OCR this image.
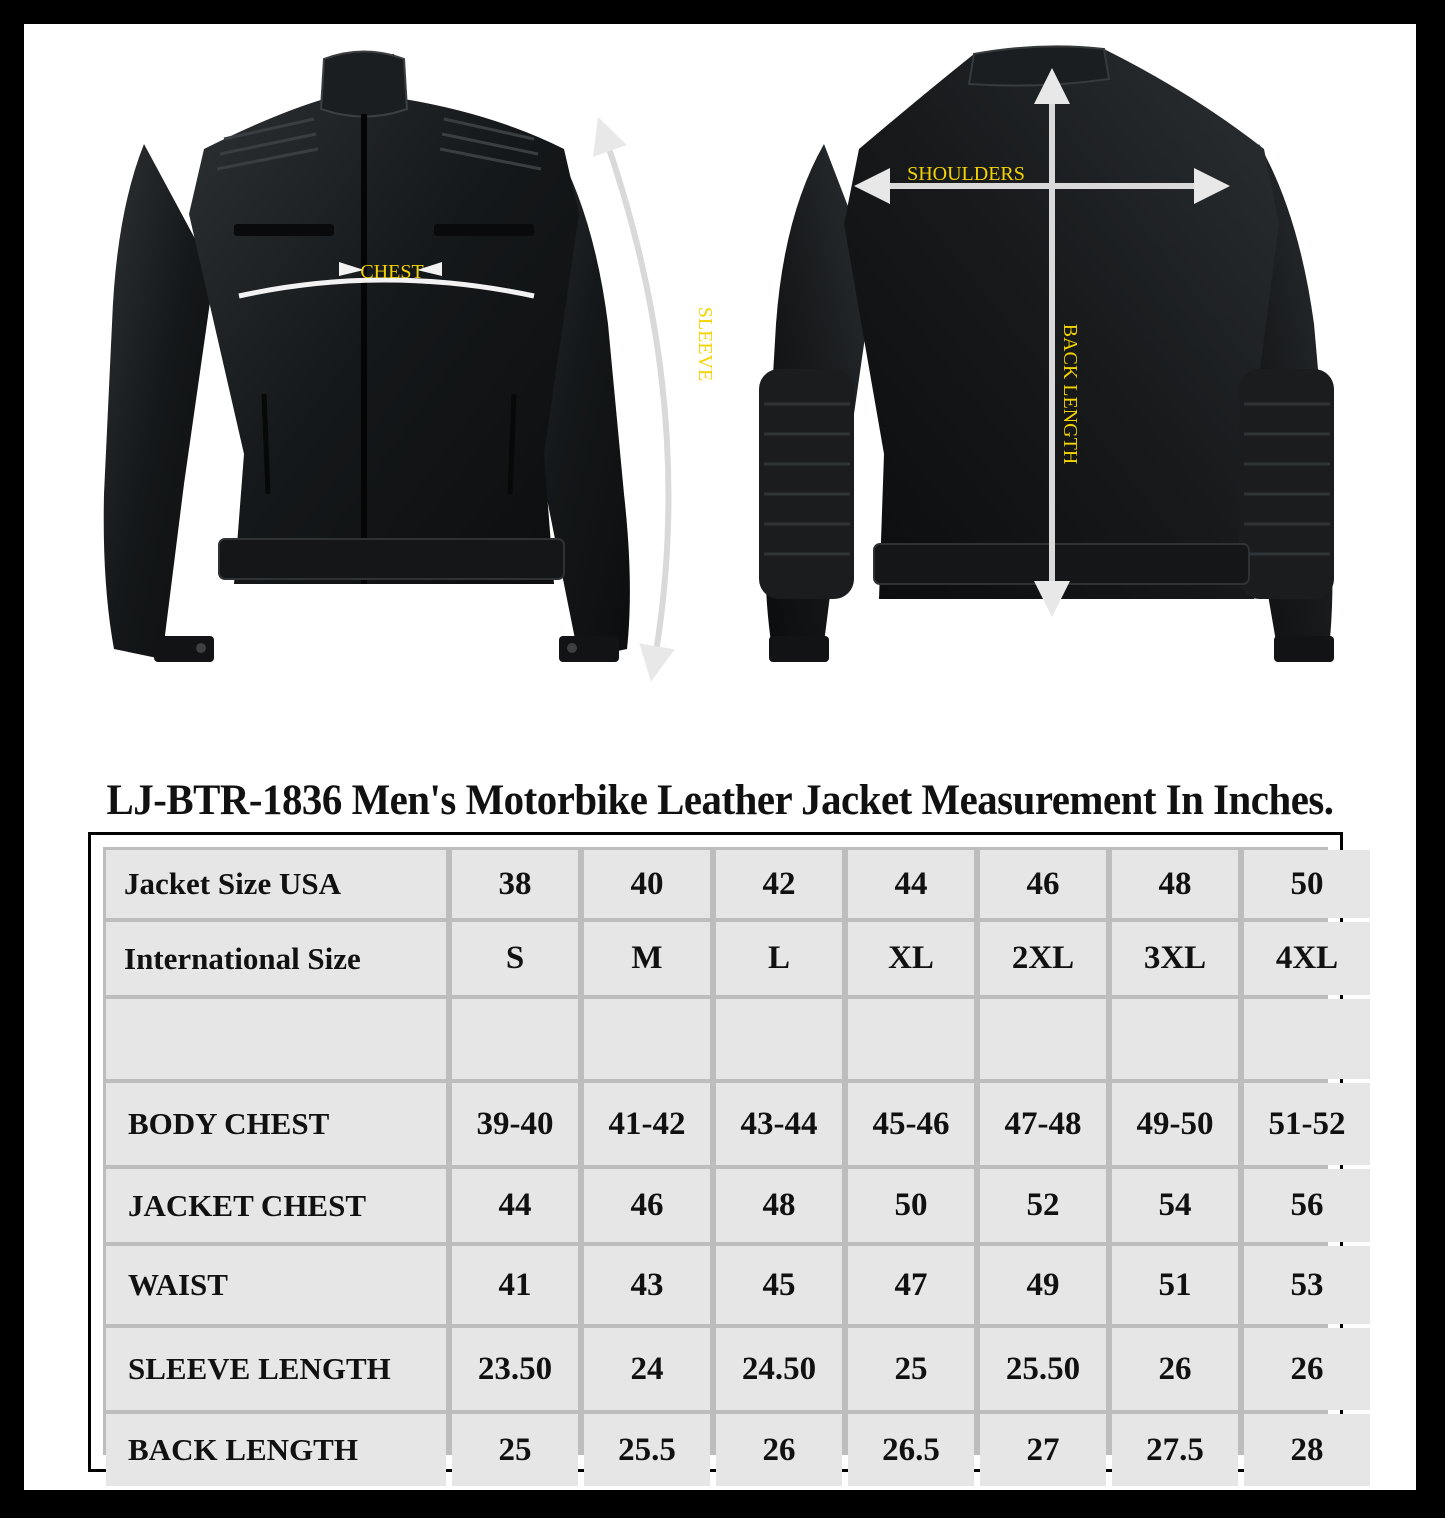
CHEST
SLEEVE
SHOULDERS
BACK LENGTH
LJ-BTR-1836 Men's Motorbike Leather Jacket Measurement In Inches.
Jacket Size USA	38	40	42	44	46	48	50
International Size	S	M	L	XL	2XL	3XL	4XL
BODY CHEST	39-40	41-42	43-44	45-46	47-48	49-50	51-52
JACKET CHEST	44	46	48	50	52	54	56
WAIST	41	43	45	47	49	51	53
SLEEVE LENGTH	23.50	24	24.50	25	25.50	26	26
BACK LENGTH	25	25.5	26	26.5	27	27.5	28
